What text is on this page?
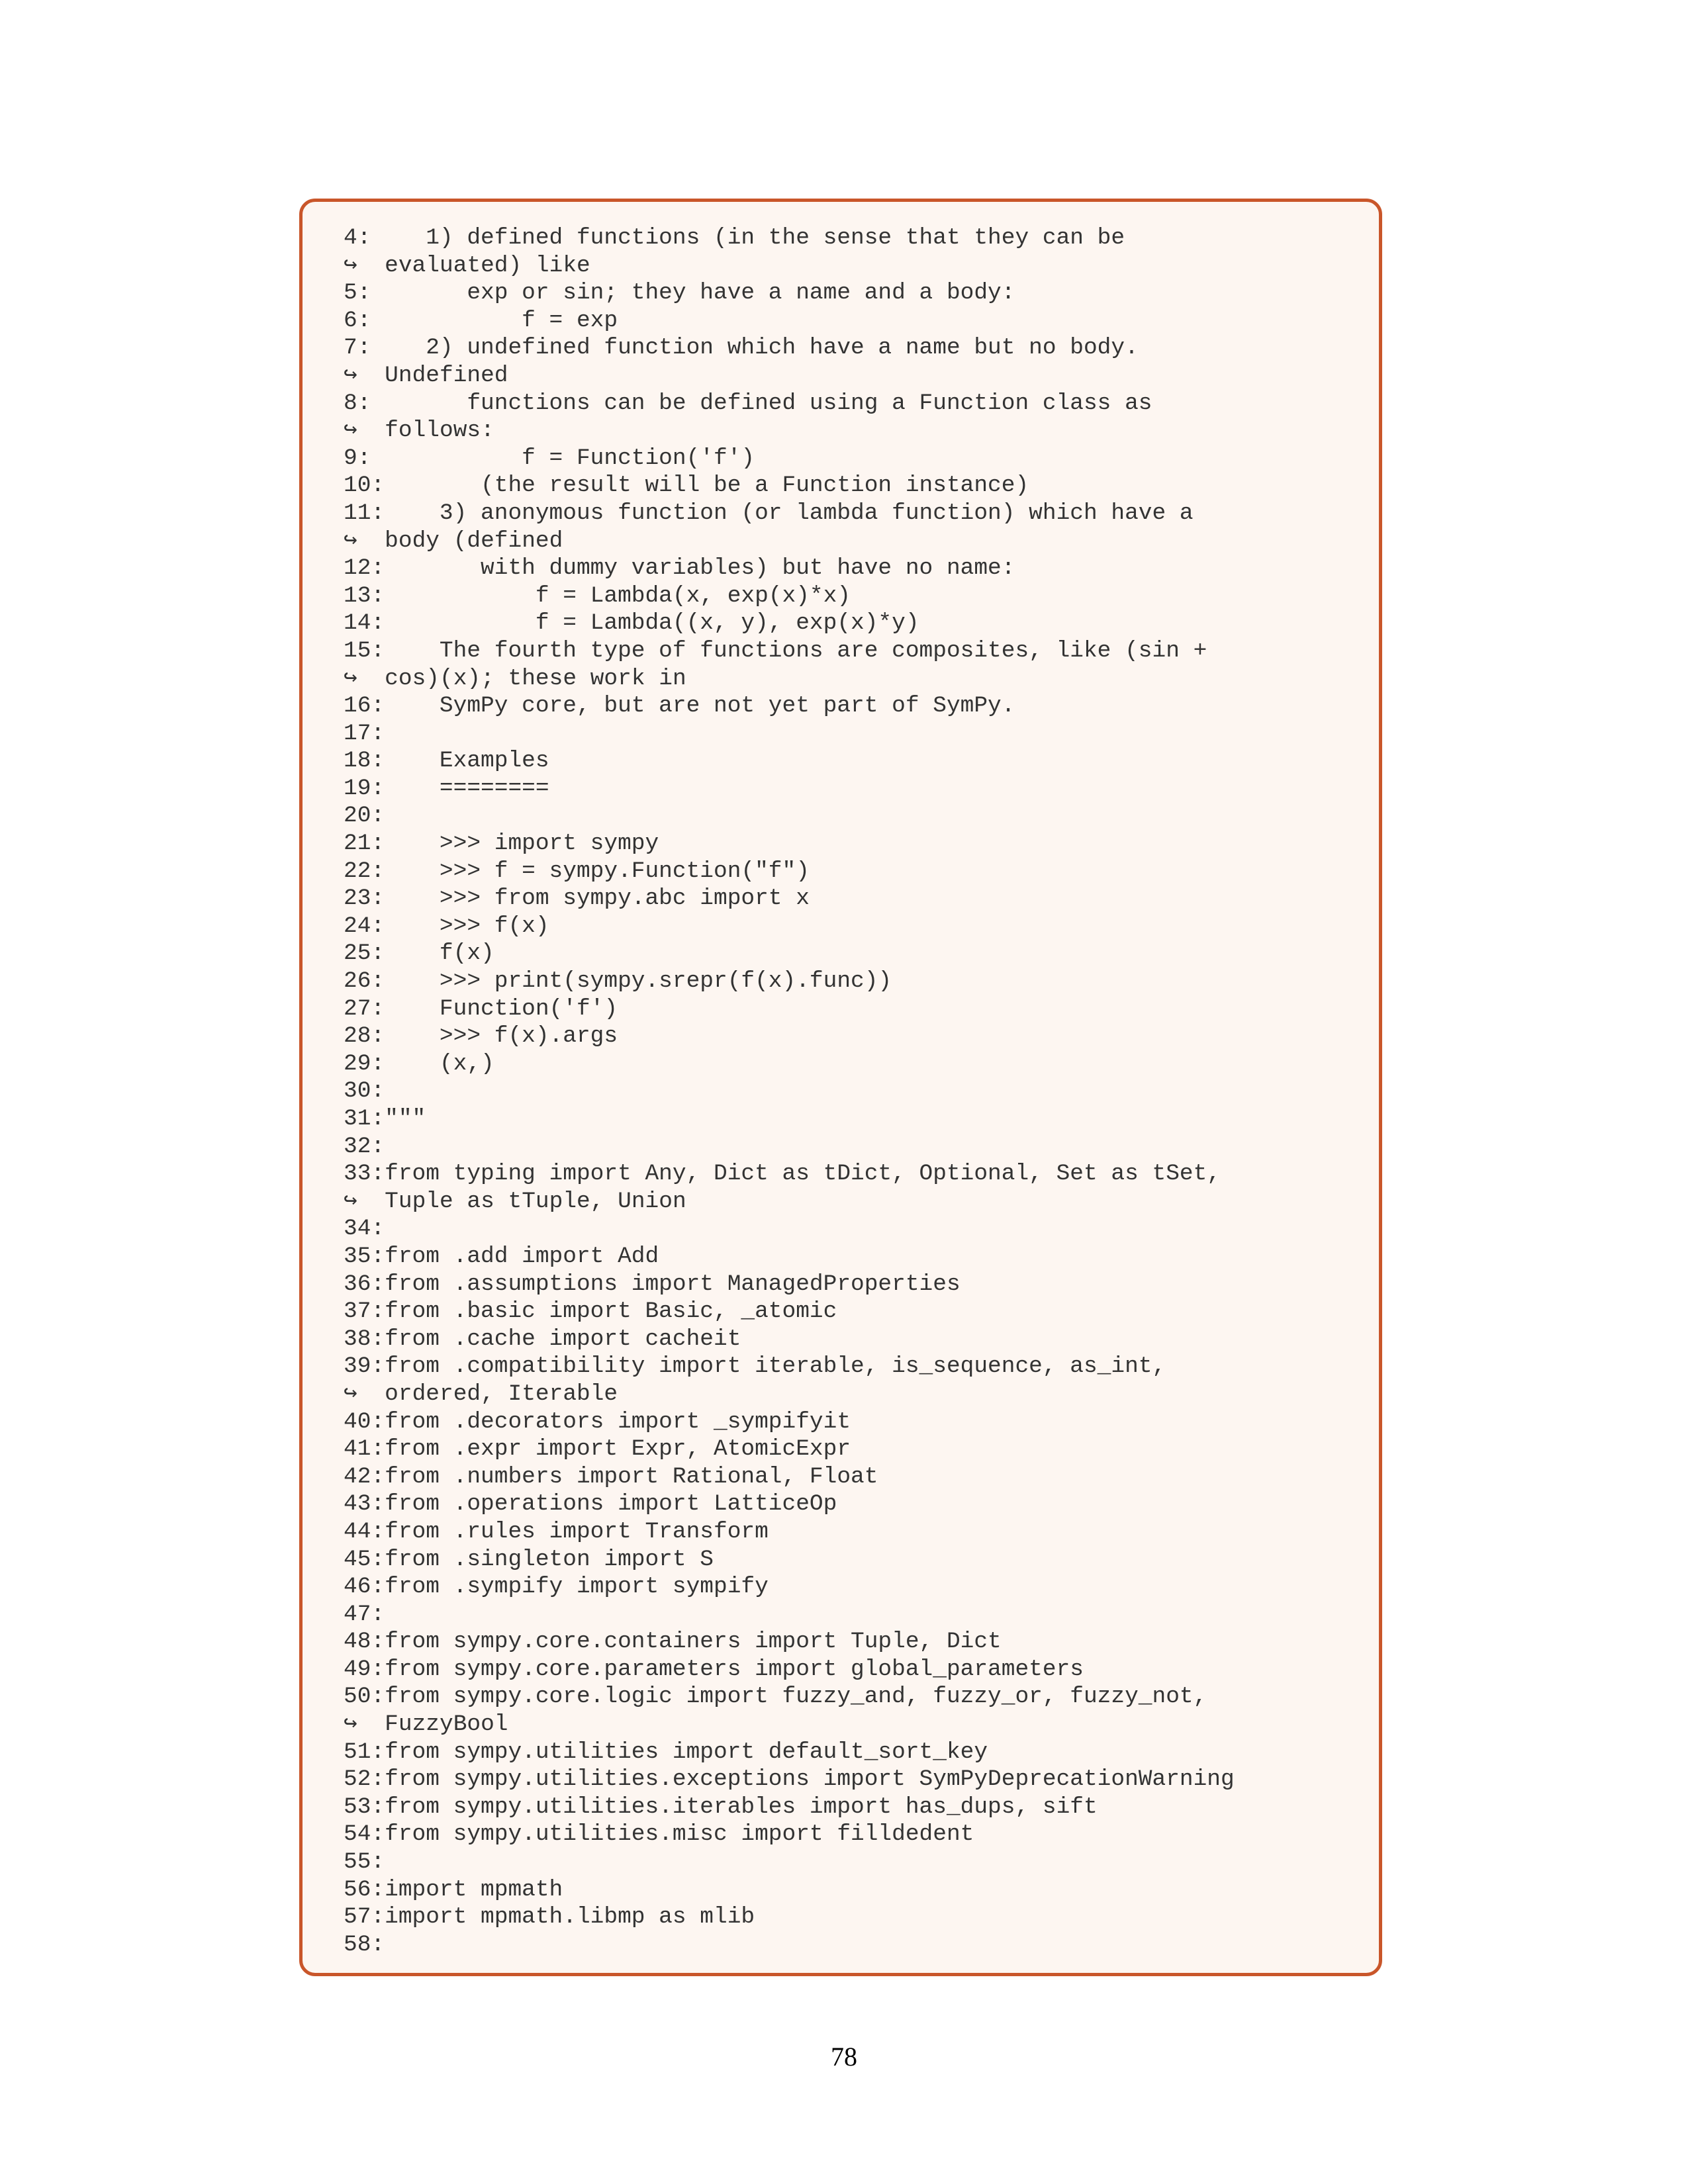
4:    1) defined functions (in the sense that they can be
↪  evaluated) like
5:       exp or sin; they have a name and a body:
6:           f = exp
7:    2) undefined function which have a name but no body.
↪  Undefined
8:       functions can be defined using a Function class as
↪  follows:
9:           f = Function('f')
10:       (the result will be a Function instance)
11:    3) anonymous function (or lambda function) which have a
↪  body (defined
12:       with dummy variables) but have no name:
13:           f = Lambda(x, exp(x)*x)
14:           f = Lambda((x, y), exp(x)*y)
15:    The fourth type of functions are composites, like (sin +
↪  cos)(x); these work in
16:    SymPy core, but are not yet part of SymPy.
17:
18:    Examples
19:    ========
20:
21:    >>> import sympy
22:    >>> f = sympy.Function("f")
23:    >>> from sympy.abc import x
24:    >>> f(x)
25:    f(x)
26:    >>> print(sympy.srepr(f(x).func))
27:    Function('f')
28:    >>> f(x).args
29:    (x,)
30:
31:"""
32:
33:from typing import Any, Dict as tDict, Optional, Set as tSet,
↪  Tuple as tTuple, Union
34:
35:from .add import Add
36:from .assumptions import ManagedProperties
37:from .basic import Basic, _atomic
38:from .cache import cacheit
39:from .compatibility import iterable, is_sequence, as_int,
↪  ordered, Iterable
40:from .decorators import _sympifyit
41:from .expr import Expr, AtomicExpr
42:from .numbers import Rational, Float
43:from .operations import LatticeOp
44:from .rules import Transform
45:from .singleton import S
46:from .sympify import sympify
47:
48:from sympy.core.containers import Tuple, Dict
49:from sympy.core.parameters import global_parameters
50:from sympy.core.logic import fuzzy_and, fuzzy_or, fuzzy_not,
↪  FuzzyBool
51:from sympy.utilities import default_sort_key
52:from sympy.utilities.exceptions import SymPyDeprecationWarning
53:from sympy.utilities.iterables import has_dups, sift
54:from sympy.utilities.misc import filldedent
55:
56:import mpmath
57:import mpmath.libmp as mlib
58:
78
